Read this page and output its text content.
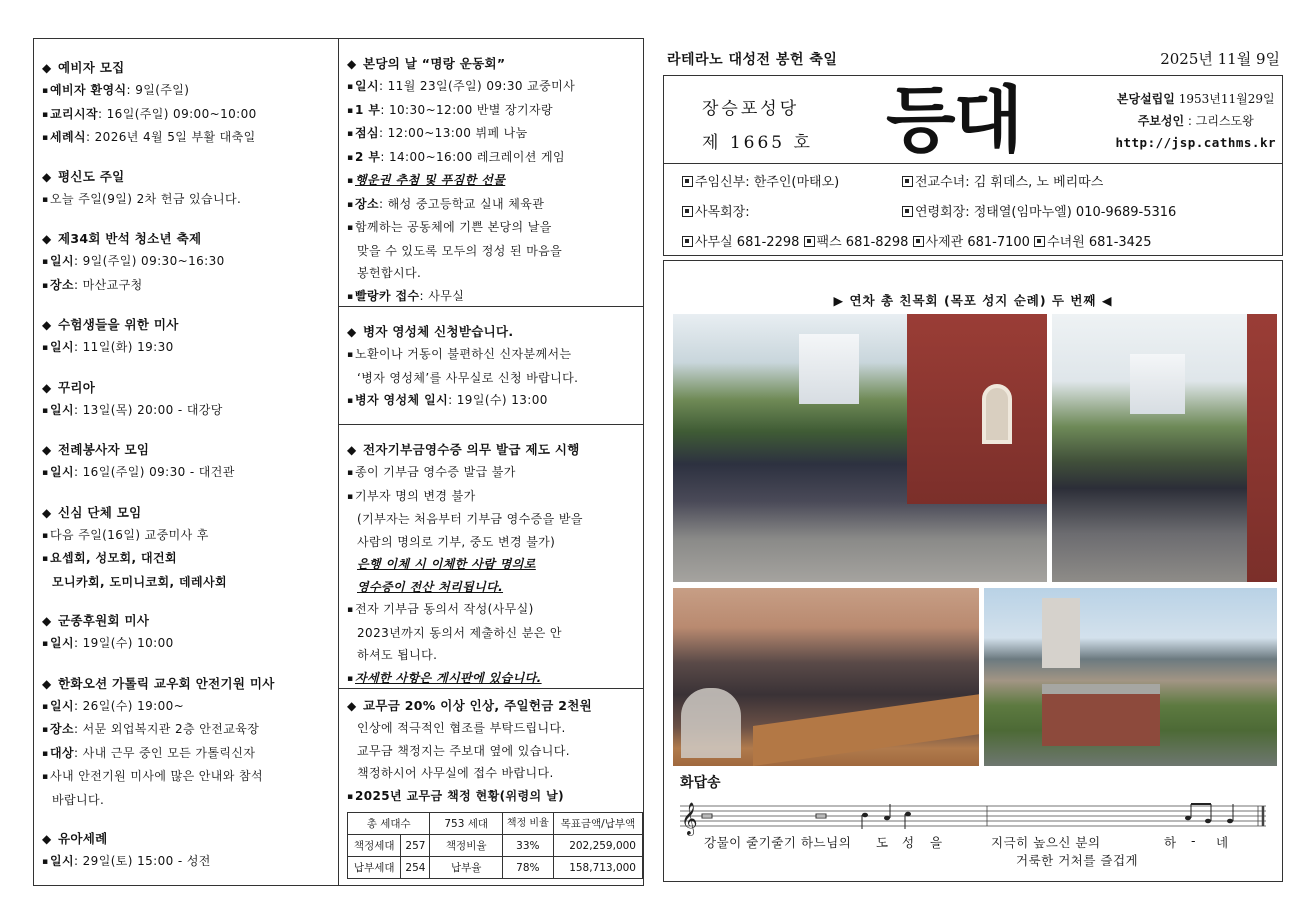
◆ 예비자 모집
▪ 예비자 환영식: 9일(주일)
▪ 교리시작: 16일(주일) 09:00~10:00
▪ 세례식: 2026년 4월 5일 부활 대축일
◆ 평신도 주일
▪ 오늘 주일(9일) 2차 헌금 있습니다.
◆ 제34회 반석 청소년 축제
▪ 일시: 9일(주일) 09:30~16:30
▪ 장소: 마산교구청
◆ 수험생들을 위한 미사
▪ 일시: 11일(화) 19:30
◆ 꾸리아
▪ 일시: 13일(목) 20:00 - 대강당
◆ 전례봉사자 모임
▪ 일시: 16일(주일) 09:30 - 대건관
◆ 신심 단체 모임
▪ 다음 주일(16일) 교중미사 후
▪ 요셉회, 성모회, 대건회
모니카회, 도미니코회, 데레사회
◆ 군종후원회 미사
▪ 일시: 19일(수) 10:00
◆ 한화오션 가톨릭 교우회 안전기원 미사
▪ 일시: 26일(수) 19:00~
▪ 장소: 서문 외업복지관 2층 안전교육장
▪ 대상: 사내 근무 중인 모든 가톨릭신자
▪ 사내 안전기원 미사에 많은 안내와 참석
바랍니다.
◆ 유아세례
▪ 일시: 29일(토) 15:00 - 성전
◆ 본당의 날 “명랑 운동회”
▪ 일시: 11월 23일(주일) 09:30 교중미사
▪ 1 부: 10:30~12:00 반별 장기자랑
▪ 점심: 12:00~13:00 뷔페 나눔
▪ 2 부: 14:00~16:00 레크레이션 게임
▪ 행운권 추첨 및 푸짐한 선물
▪ 장소: 해성 중고등학교 실내 체육관
▪ 함께하는 공동체에 기쁜 본당의 날을
맞을 수 있도록 모두의 정성 된 마음을
봉헌합시다.
▪ 빨랑카 접수: 사무실
◆ 병자 영성체 신청받습니다.
▪ 노환이나 거동이 불편하신 신자분께서는
‘병자 영성체’를 사무실로 신청 바랍니다.
▪ 병자 영성체 일시: 19일(수) 13:00
◆ 전자기부금영수증 의무 발급 제도 시행
▪ 종이 기부금 영수증 발급 불가
▪ 기부자 명의 변경 불가
(기부자는 처음부터 기부금 영수증을 받을
사람의 명의로 기부, 중도 변경 불가)
은행 이체 시 이체한 사람 명의로
영수증이 전산 처리됩니다.
▪ 전자 기부금 동의서 작성(사무실)
2023년까지 동의서 제출하신 분은 안
하셔도 됩니다.
▪ 자세한 사항은 게시판에 있습니다.
◆ 교무금 20% 이상 인상, 주일헌금 2천원
인상에 적극적인 협조를 부탁드립니다.
교무금 책정지는 주보대 옆에 있습니다.
책정하시어 사무실에 접수 바랍니다.
▪ 2025년 교무금 책정 현황(위령의 날)
총 세대수		753 세대	책정 비율	목표금액/납부액
책정세대	257	책정비율	33%	202,259,000
납부세대	254	납부율	78%	158,713,000
라테라노 대성전 봉헌 축일	2025년 11월 9일
장승포성당
제 1665 호 등대	본당설립일 1953년11월29일
주보성인 : 그리스도왕
http://jsp.cathms.kr
주임신부: 한주인(마태오)	전교수녀: 김 휘데스, 노 베리따스
사목회장:	연령회장: 정태열(임마누엘) 010-9689-5316
사무실 681-2298 팩스 681-8298 사제관 681-7100 수녀원 681-3425
▶ 연차 총 친목회 (목포 성지 순례) 두 번째 ◀
화답송
𝄞
강물이 줄기줄기 하느님의 도 성 을	지극히 높으신 분의
거룩한 거처를 즐겁게
하 - 네
